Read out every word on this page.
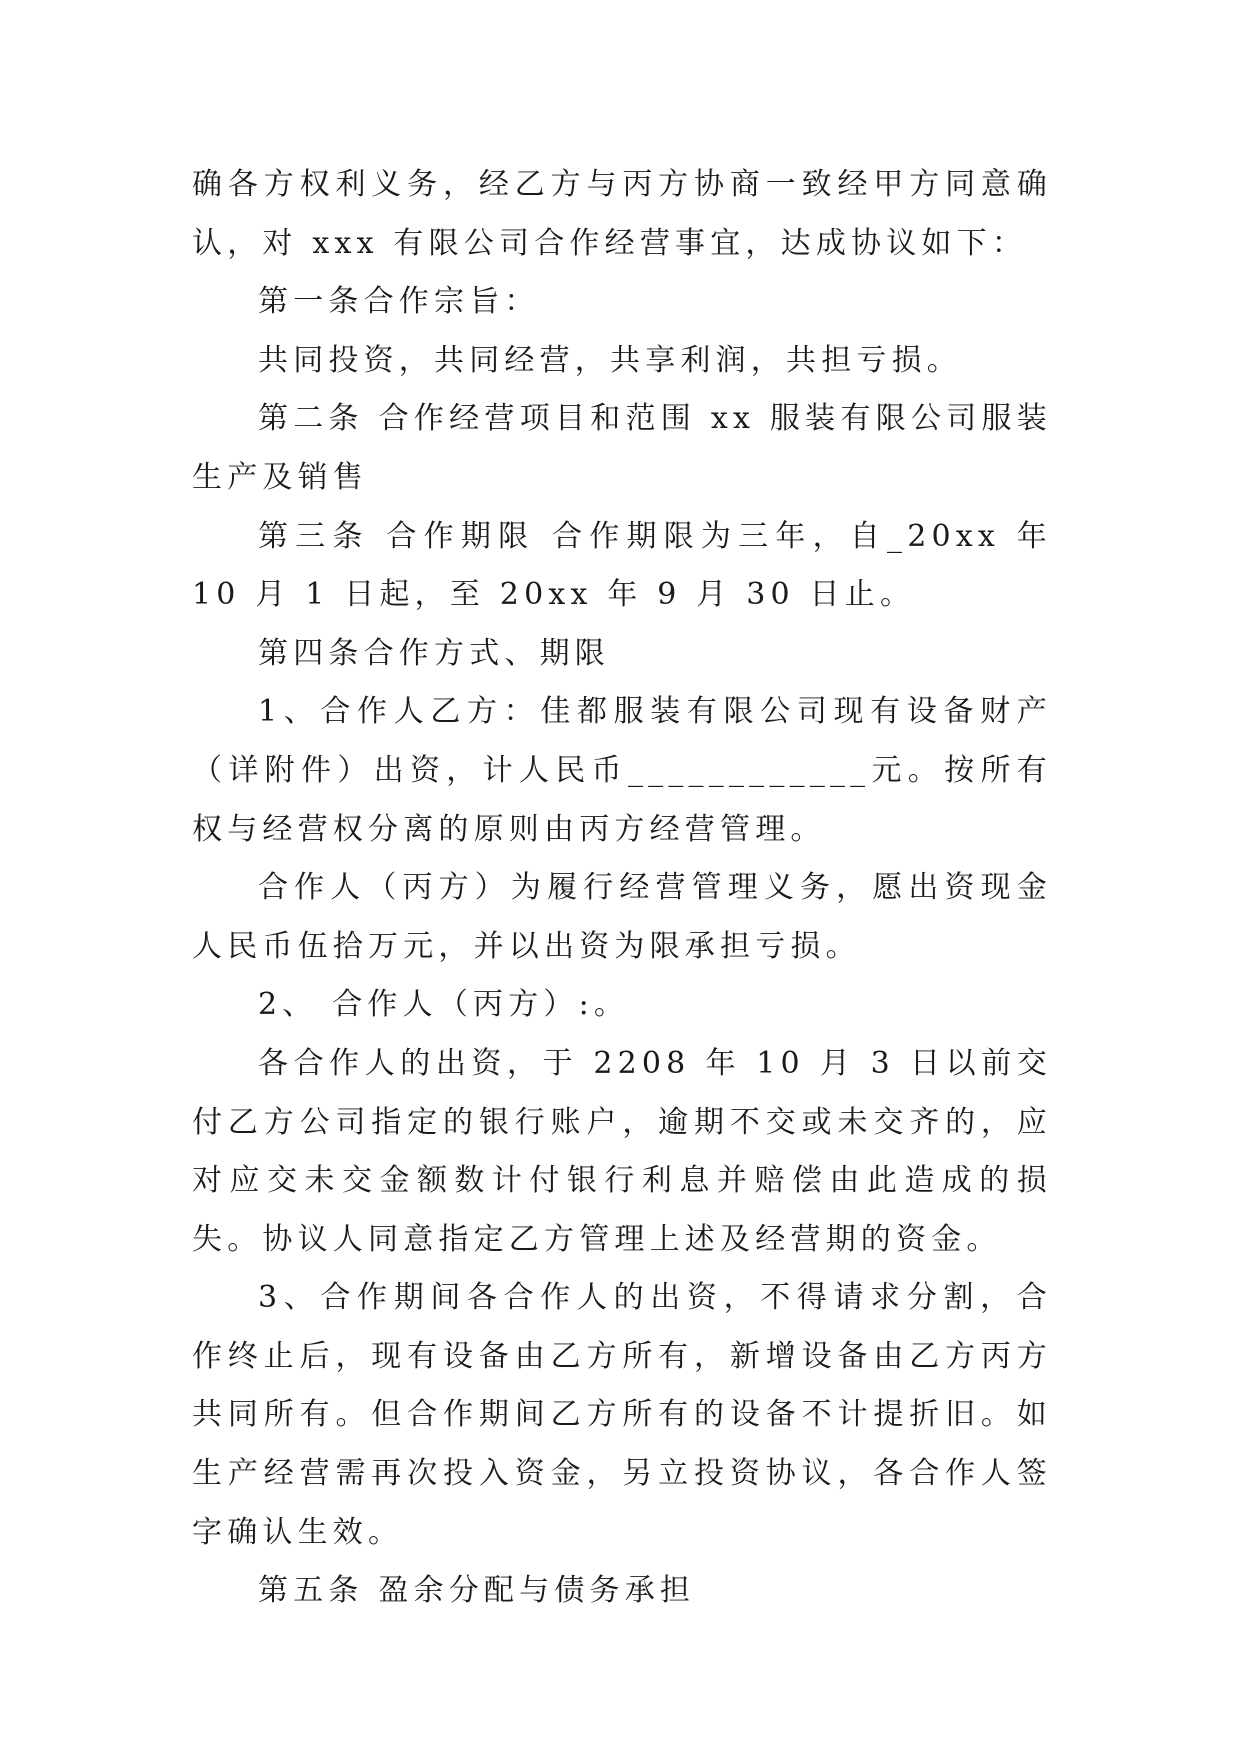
确各方权利义务，经乙方与丙方协商一致经甲方同意确认，对 xxx 有限公司合作经营事宜，达成协议如下：

第一条合作宗旨：

共同投资，共同经营，共享利润，共担亏损。

第二条 合作经营项目和范围 xx 服装有限公司服装生产及销售

第三条 合作期限 合作期限为三年，自_20xx 年 10 月 1 日起，至 20xx 年 9 月 30 日止。

第四条合作方式、期限

1、合作人乙方：佳都服装有限公司现有设备财产（详附件）出资，计人民币____________元。按所有权与经营权分离的原则由丙方经营管理。

合作人（丙方）为履行经营管理义务，愿出资现金人民币伍拾万元，并以出资为限承担亏损。

2、 合作人（丙方）:。

各合作人的出资，于 2208 年 10 月 3 日以前交付乙方公司指定的银行账户，逾期不交或未交齐的，应对应交未交金额数计付银行利息并赔偿由此造成的损失。协议人同意指定乙方管理上述及经营期的资金。

3、合作期间各合作人的出资，不得请求分割，合作终止后，现有设备由乙方所有，新增设备由乙方丙方共同所有。但合作期间乙方所有的设备不计提折旧。如生产经营需再次投入资金，另立投资协议，各合作人签字确认生效。

第五条 盈余分配与债务承担
